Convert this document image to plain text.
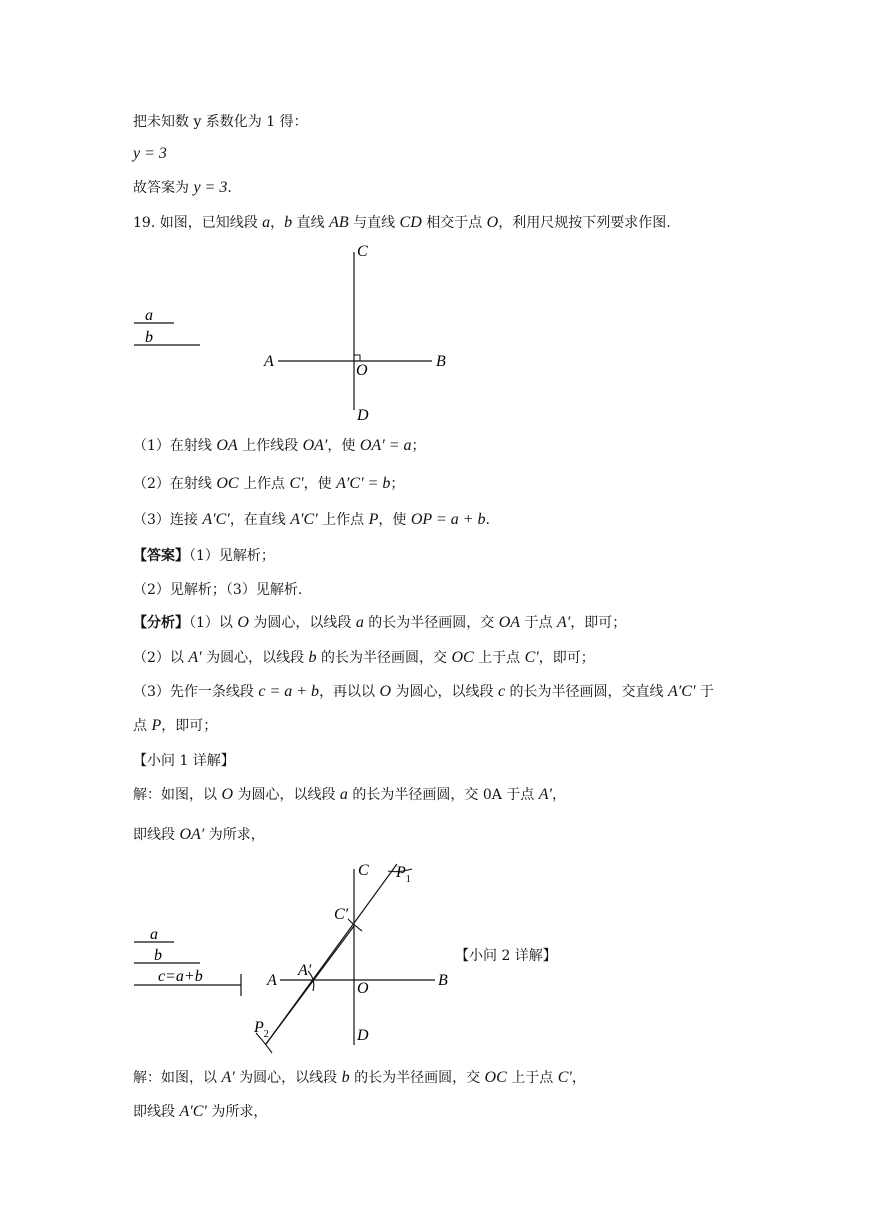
把未知数 y 系数化为 1 得：
y = 3
故答案为 y = 3.
19. 如图，已知线段 a，b 直线 AB 与直线 CD 相交于点 O，利用尺规按下列要求作图.
a
b
A	B
C
D
O
（1）在射线 OA 上作线段 OA′，使 OA′ = a；
（2）在射线 OC 上作点 C′，使 A′C′ = b；
（3）连接 A′C′，在直线 A′C′ 上作点 P，使 OP = a + b.
【答案】（1）见解析；
（2）见解析；（3）见解析.
【分析】（1）以 O 为圆心，以线段 a 的长为半径画圆，交 OA 于点 A′，即可；
（2）以 A′ 为圆心，以线段 b 的长为半径画圆，交 OC 上于点 C′，即可；
（3）先作一条线段 c = a + b，再以以 O 为圆心，以线段 c 的长为半径画圆，交直线 A′C′ 于
点 P，即可；
【小问 1 详解】
解：如图，以 O 为圆心，以线段 a 的长为半径画圆，交 0A 于点 A′，
即线段 OA′ 为所求，
a
b
c=a+b
C $P_1$
C′
A
A′
O	B
$P_2$	D
【小问 2 详解】
解：如图，以 A′ 为圆心，以线段 b 的长为半径画圆，交 OC 上于点 C′，
即线段 A′C′ 为所求，
